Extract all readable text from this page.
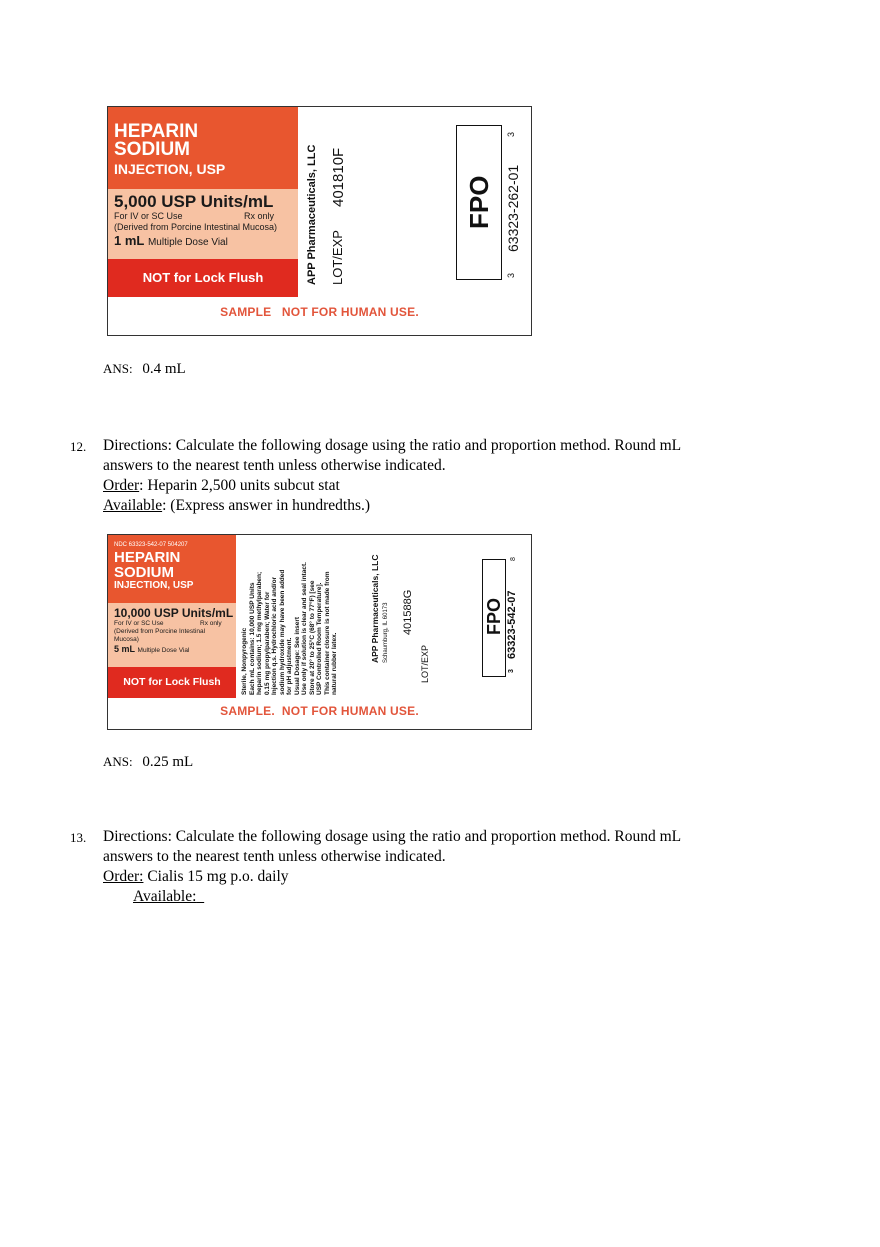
HEPARIN
SODIUM
INJECTION, USP
5,000 USP Units/mL
For IV or SC Use	Rx only
(Derived from Porcine Intestinal Mucosa)
1 mL Multiple Dose Vial
NOT for Lock Flush	APP Pharmaceuticals, LLC 401810F
LOT/EXP
FPO 63323-262-01
3
3
SAMPLE   NOT FOR HUMAN USE.
ANS: 0.4 mL
12. Directions: Calculate the following dosage using the ratio and proportion method. Round mL
answers to the nearest tenth unless otherwise indicated.
Order: Heparin 2,500 units subcut stat
Available: (Express answer in hundredths.)
NDC 63323-542-07 504207
HEPARIN
SODIUM
INJECTION, USP
10,000 USP Units/mL
For IV or SC Use	Rx only
(Derived from Porcine Intestinal
Mucosa)
5 mL Multiple Dose Vial
NOT for Lock Flush	Sterile, Nonpyrogenic Each mL contains: 10,000 USP Units heparin sodium; 1.5 mg methylparaben; 0.15 mg propylparaben; Water for Injection q.s. Hydrochloric acid and/or sodium hydroxide may have been added for pH adjustment. Usual Dosage: See insert Use only if solution is clear and seal intact. Store at 20° to 25°C (68° to 77°F) [see USP Controlled Room Temperature]. This container closure is not made from natural rubber latex.
APP Pharmaceuticals, LLC Schaumburg, IL 60173 401588G
LOT/EXP
FPO 63323-542-07
8
3
SAMPLE.  NOT FOR HUMAN USE.
ANS: 0.25 mL
13. Directions: Calculate the following dosage using the ratio and proportion method. Round mL
answers to the nearest tenth unless otherwise indicated.
Order: Cialis 15 mg p.o. daily
Available:
